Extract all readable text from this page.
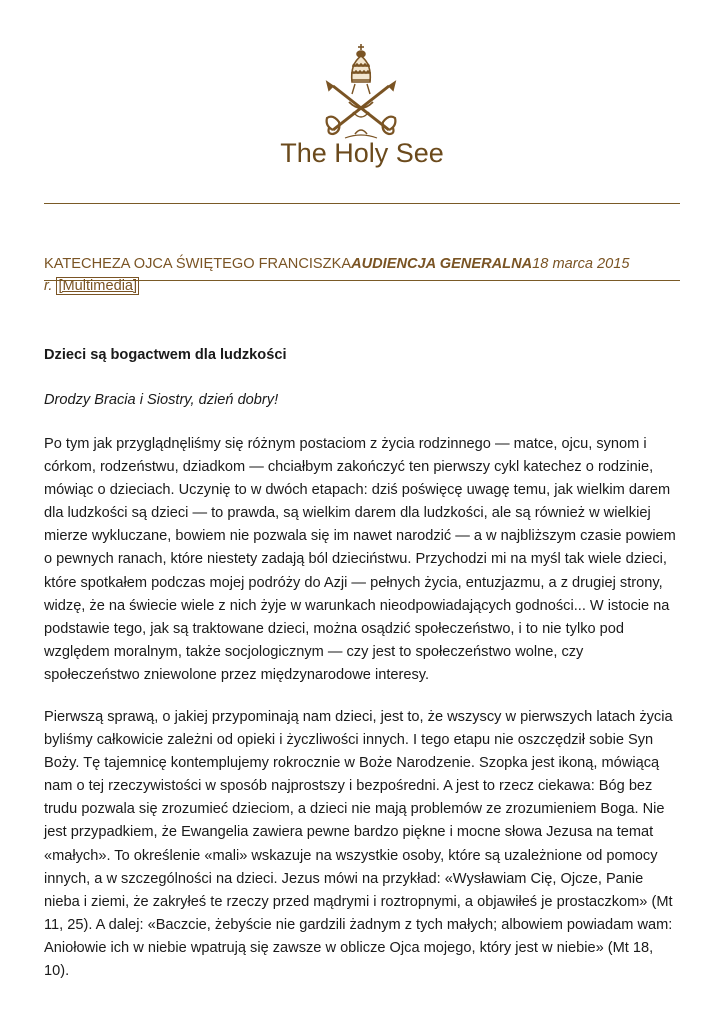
The Holy See
KATECHEZA OJCA ŚWIĘTEGO FRANCISZKAAUDIENCJA GENERALNA18 marca 2015
r. [Multimedia]
Dzieci są bogactwem dla ludzkości
Drodzy Bracia i Siostry, dzień dobry!

Po tym jak przyglądnęliśmy się różnym postaciom z życia rodzinnego — matce, ojcu, synom i córkom, rodzeństwu, dziadkom — chciałbym zakończyć ten pierwszy cykl katechez o rodzinie, mówiąc o dzieciach. Uczynię to w dwóch etapach: dziś poświęcę uwagę temu, jak wielkim darem dla ludzkości są dzieci — to prawda, są wielkim darem dla ludzkości, ale są również w wielkiej mierze wykluczane, bowiem nie pozwala się im nawet narodzić — a w najbliższym czasie powiem o pewnych ranach, które niestety zadają ból dzieciństwu. Przychodzi mi na myśl tak wiele dzieci, które spotkałem podczas mojej podróży do Azji — pełnych życia, entuzjazmu, a z drugiej strony, widzę, że na świecie wiele z nich żyje w warunkach nieodpowiadających godności... W istocie na podstawie tego, jak są traktowane dzieci, można osądzić społeczeństwo, i to nie tylko pod względem moralnym, także socjologicznym — czy jest to społeczeństwo wolne, czy społeczeństwo zniewolone przez międzynarodowe interesy.

Pierwszą sprawą, o jakiej przypominają nam dzieci, jest to, że wszyscy w pierwszych latach życia byliśmy całkowicie zależni od opieki i życzliwości innych. I tego etapu nie oszczędził sobie Syn Boży. Tę tajemnicę kontemplujemy rokrocznie w Boże Narodzenie. Szopka jest ikoną, mówiącą nam o tej rzeczywistości w sposób najprostszy i bezpośredni. A jest to rzecz ciekawa: Bóg bez trudu pozwala się zrozumieć dzieciom, a dzieci nie mają problemów ze zrozumieniem Boga. Nie jest przypadkiem, że Ewangelia zawiera pewne bardzo piękne i mocne słowa Jezusa na temat «małych». To określenie «mali» wskazuje na wszystkie osoby, które są uzależnione od pomocy innych, a w szczególności na dzieci. Jezus mówi na przykład: «Wysławiam Cię, Ojcze, Panie nieba i ziemi, że zakryłeś te rzeczy przed mądrymi i roztropnymi, a objawiłeś je prostaczkom» (Mt 11, 25). A dalej: «Baczcie, żebyście nie gardzili żadnym z tych małych; albowiem powiadam wam: Aniołowie ich w niebie wpatrują się zawsze w oblicze Ojca mojego, który jest w niebie» (Mt 18, 10).
